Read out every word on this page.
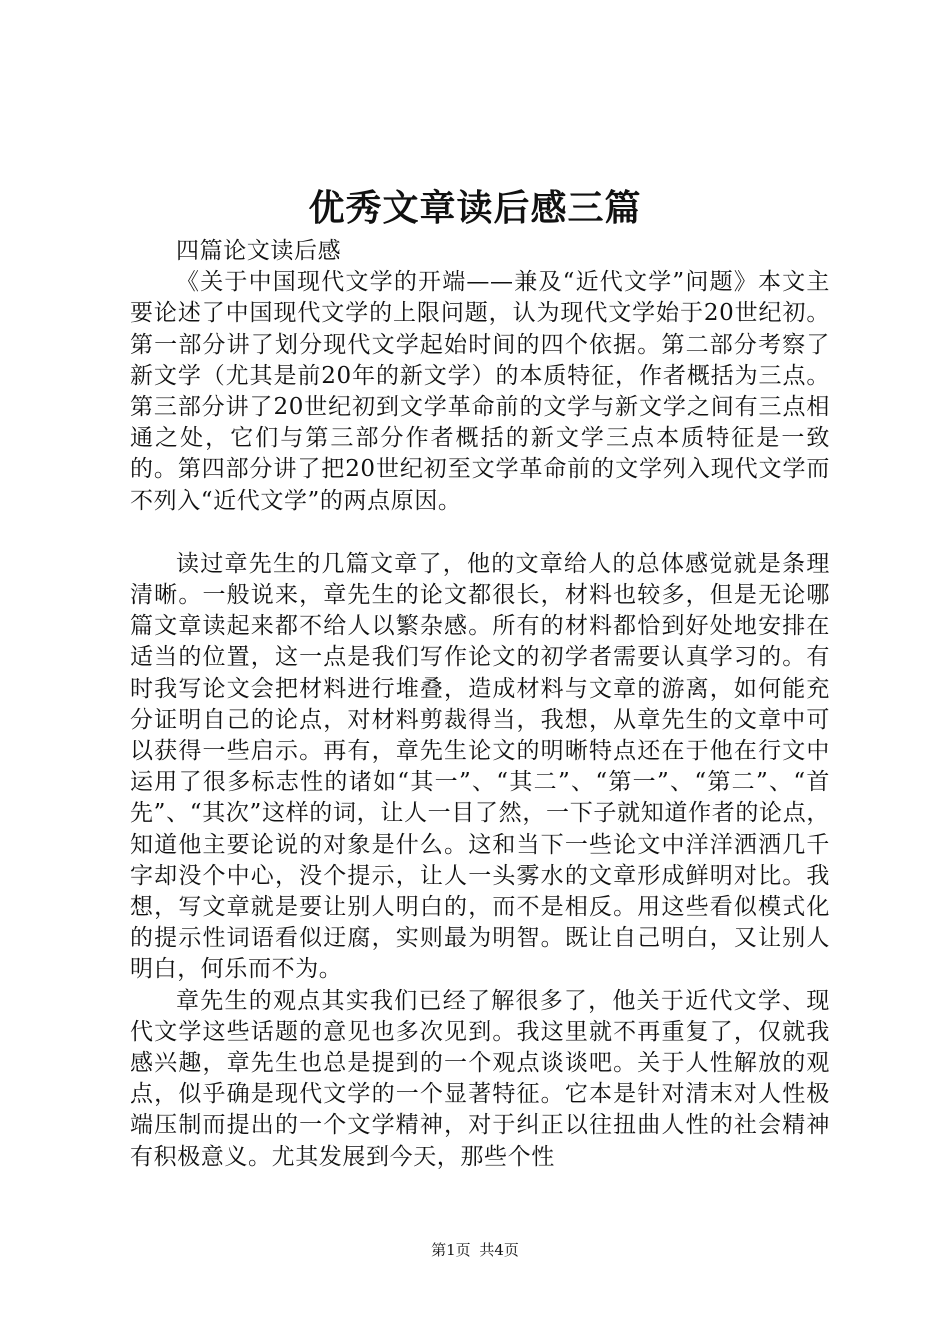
优秀文章读后感三篇

四篇论文读后感

《关于中国现代文学的开端——兼及“近代文学”问题》本文主要论述了中国现代文学的上限问题，认为现代文学始于20世纪初。第一部分讲了划分现代文学起始时间的四个依据。第二部分考察了新文学（尤其是前20年的新文学）的本质特征，作者概括为三点。第三部分讲了20世纪初到文学革命前的文学与新文学之间有三点相通之处，它们与第三部分作者概括的新文学三点本质特征是一致的。第四部分讲了把20世纪初至文学革命前的文学列入现代文学而不列入“近代文学”的两点原因。

读过章先生的几篇文章了，他的文章给人的总体感觉就是条理清晰。一般说来，章先生的论文都很长，材料也较多，但是无论哪篇文章读起来都不给人以繁杂感。所有的材料都恰到好处地安排在适当的位置，这一点是我们写作论文的初学者需要认真学习的。有时我写论文会把材料进行堆叠，造成材料与文章的游离，如何能充分证明自己的论点，对材料剪裁得当，我想，从章先生的文章中可以获得一些启示。再有，章先生论文的明晰特点还在于他在行文中运用了很多标志性的诸如“其一”、“其二”、“第一”、“第二”、“首先”、“其次”这样的词，让人一目了然，一下子就知道作者的论点，知道他主要论说的对象是什么。这和当下一些论文中洋洋洒洒几千字却没个中心，没个提示，让人一头雾水的文章形成鲜明对比。我想，写文章就是要让别人明白的，而不是相反。用这些看似模式化的提示性词语看似迂腐，实则最为明智。既让自己明白，又让别人明白，何乐而不为。

章先生的观点其实我们已经了解很多了，他关于近代文学、现代文学这些话题的意见也多次见到。我这里就不再重复了，仅就我感兴趣，章先生也总是提到的一个观点谈谈吧。关于人性解放的观点，似乎确是现代文学的一个显著特征。它本是针对清末对人性极端压制而提出的一个文学精神，对于纠正以往扭曲人性的社会精神有积极意义。尤其发展到今天，那些个性

第1页 共4页
